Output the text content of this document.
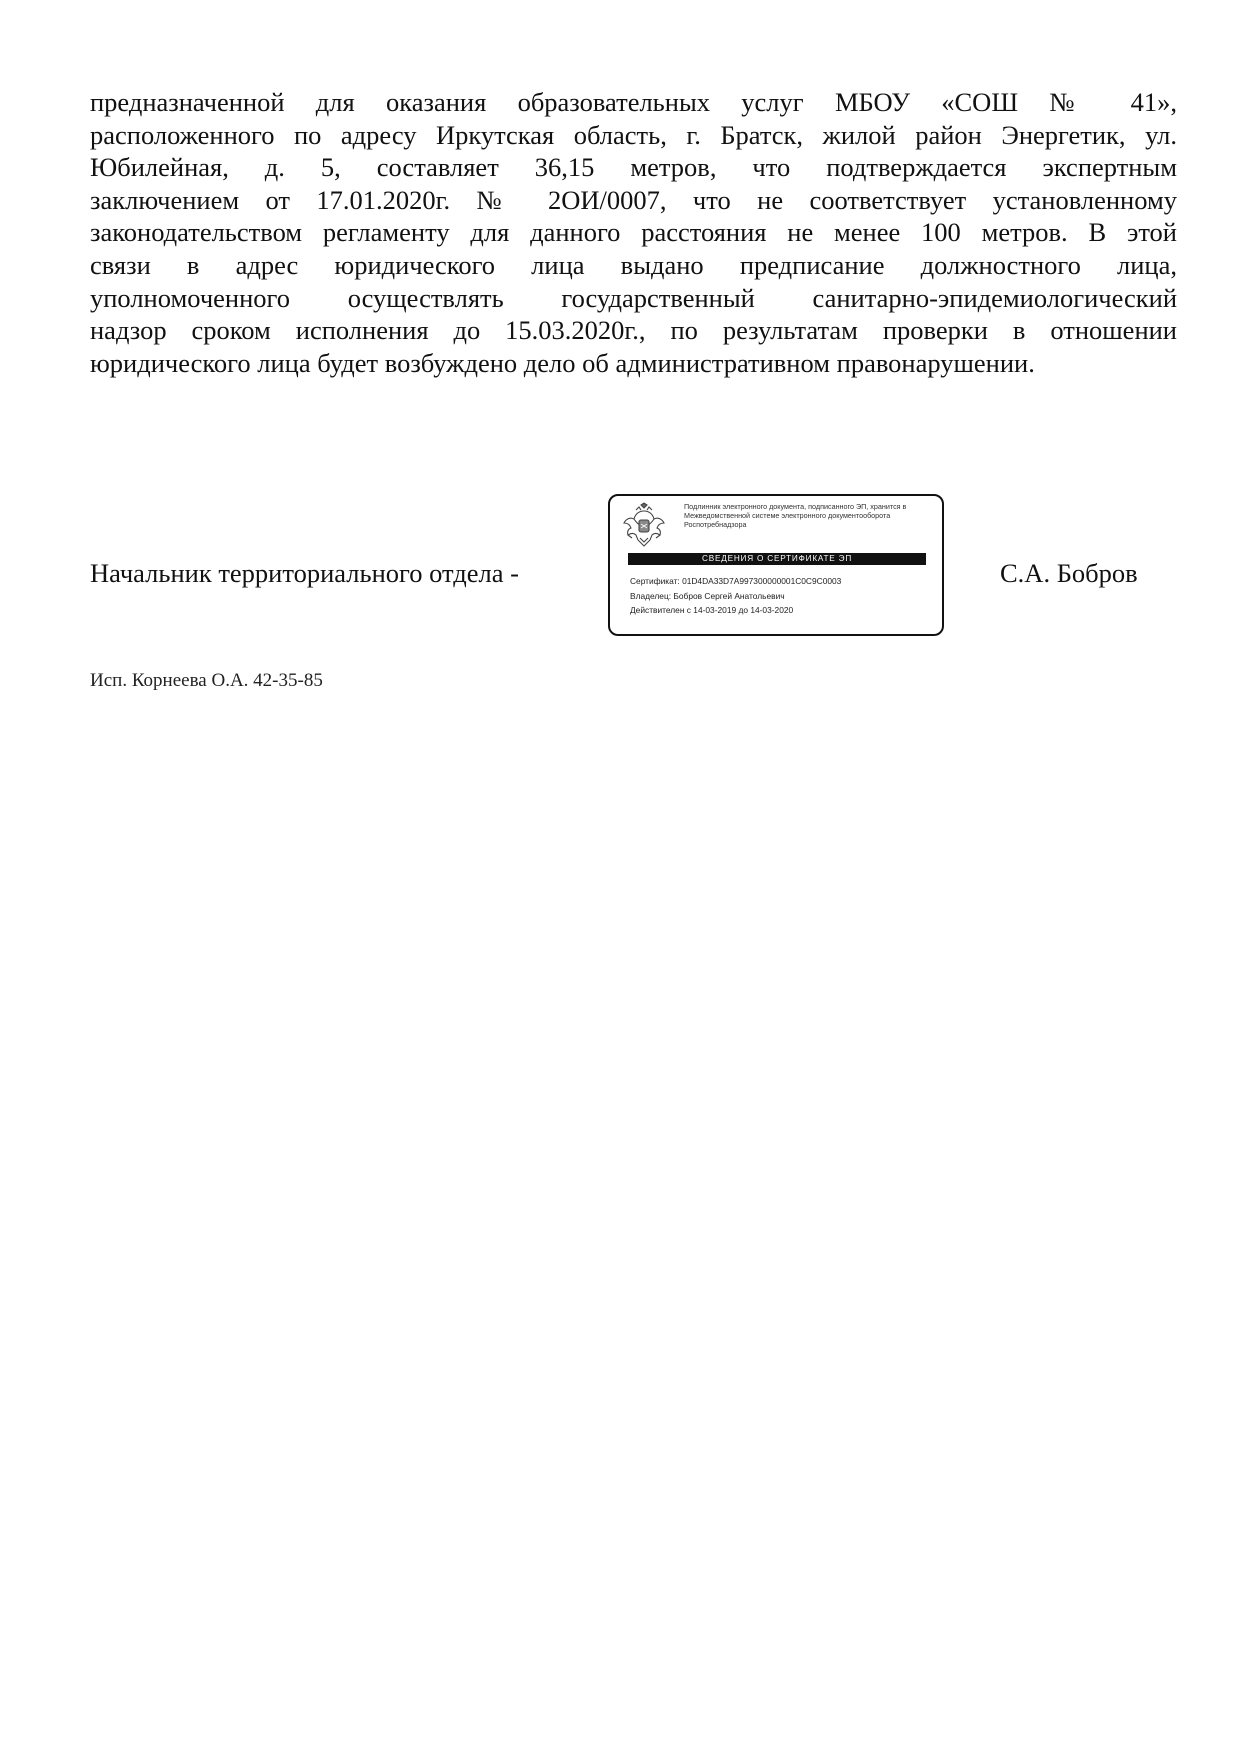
предназначенной для оказания образовательных услуг МБОУ «СОШ № 41»,
расположенного по адресу Иркутская область, г. Братск, жилой район Энергетик, ул.
Юбилейная, д. 5, составляет 36,15 метров, что подтверждается экспертным
заключением от 17.01.2020г. № 2ОИ/0007, что не соответствует установленному
законодательством регламенту для данного расстояния не менее 100 метров. В этой
связи в адрес юридического лица выдано предписание должностного лица,
уполномоченного осуществлять государственный санитарно-эпидемиологический
надзор сроком исполнения до 15.03.2020г., по результатам проверки в отношении
юридического лица будет возбуждено дело об административном правонарушении.
Начальник территориального отдела -
Подлинник электронного документа, подписанного ЭП, хранится в Межведомственной системе электронного документооборота Роспотребнадзора
СВЕДЕНИЯ О СЕРТИФИКАТЕ ЭП
Сертификат: 01D4DA33D7A997300000001C0C9C0003
Владелец: Бобров Сергей Анатольевич
Действителен с 14-03-2019 до 14-03-2020
С.А. Бобров
Исп. Корнеева О.А. 42-35-85
